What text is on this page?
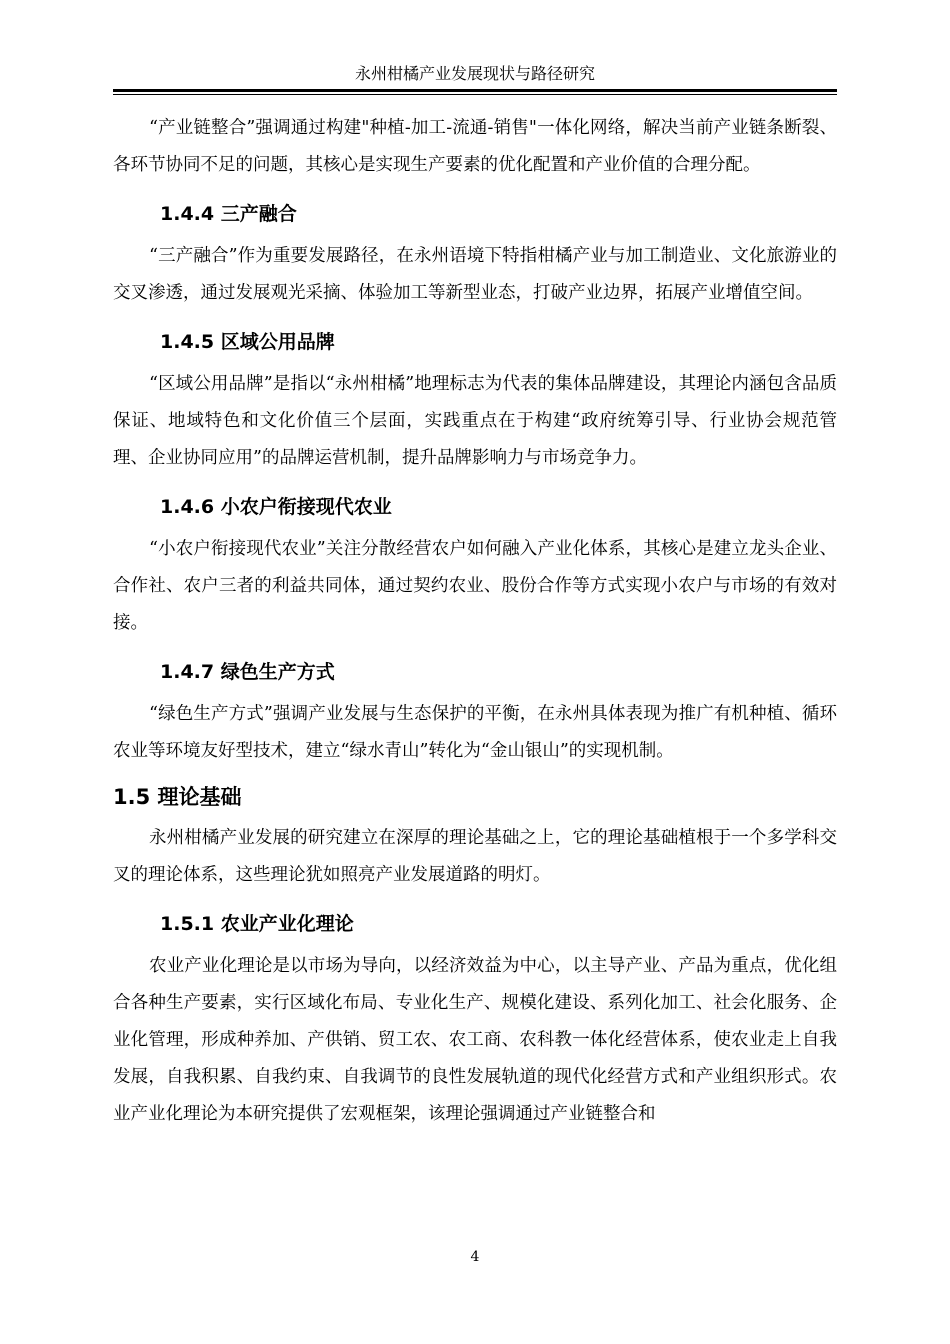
永州柑橘产业发展现状与路径研究

“产业链整合”强调通过构建"种植-加工-流通-销售"一体化网络，解决当前产业链条断裂、各环节协同不足的问题，其核心是实现生产要素的优化配置和产业价值的合理分配。

1.4.4 三产融合

“三产融合”作为重要发展路径，在永州语境下特指柑橘产业与加工制造业、文化旅游业的交叉渗透，通过发展观光采摘、体验加工等新型业态，打破产业边界，拓展产业增值空间。

1.4.5 区域公用品牌

“区域公用品牌”是指以“永州柑橘”地理标志为代表的集体品牌建设，其理论内涵包含品质保证、地域特色和文化价值三个层面，实践重点在于构建“政府统筹引导、行业协会规范管理、企业协同应用”的品牌运营机制，提升品牌影响力与市场竞争力。

1.4.6 小农户衔接现代农业

“小农户衔接现代农业”关注分散经营农户如何融入产业化体系，其核心是建立龙头企业、合作社、农户三者的利益共同体，通过契约农业、股份合作等方式实现小农户与市场的有效对接。

1.4.7 绿色生产方式

“绿色生产方式”强调产业发展与生态保护的平衡，在永州具体表现为推广有机种植、循环农业等环境友好型技术，建立“绿水青山”转化为“金山银山”的实现机制。

1.5 理论基础

永州柑橘产业发展的研究建立在深厚的理论基础之上，它的理论基础植根于一个多学科交叉的理论体系，这些理论犹如照亮产业发展道路的明灯。

1.5.1 农业产业化理论

农业产业化理论是以市场为导向，以经济效益为中心，以主导产业、产品为重点，优化组合各种生产要素，实行区域化布局、专业化生产、规模化建设、系列化加工、社会化服务、企业化管理，形成种养加、产供销、贸工农、农工商、农科教一体化经营体系，使农业走上自我发展，自我积累、自我约束、自我调节的良性发展轨道的现代化经营方式和产业组织形式。农业产业化理论为本研究提供了宏观框架，该理论强调通过产业链整合和

4
